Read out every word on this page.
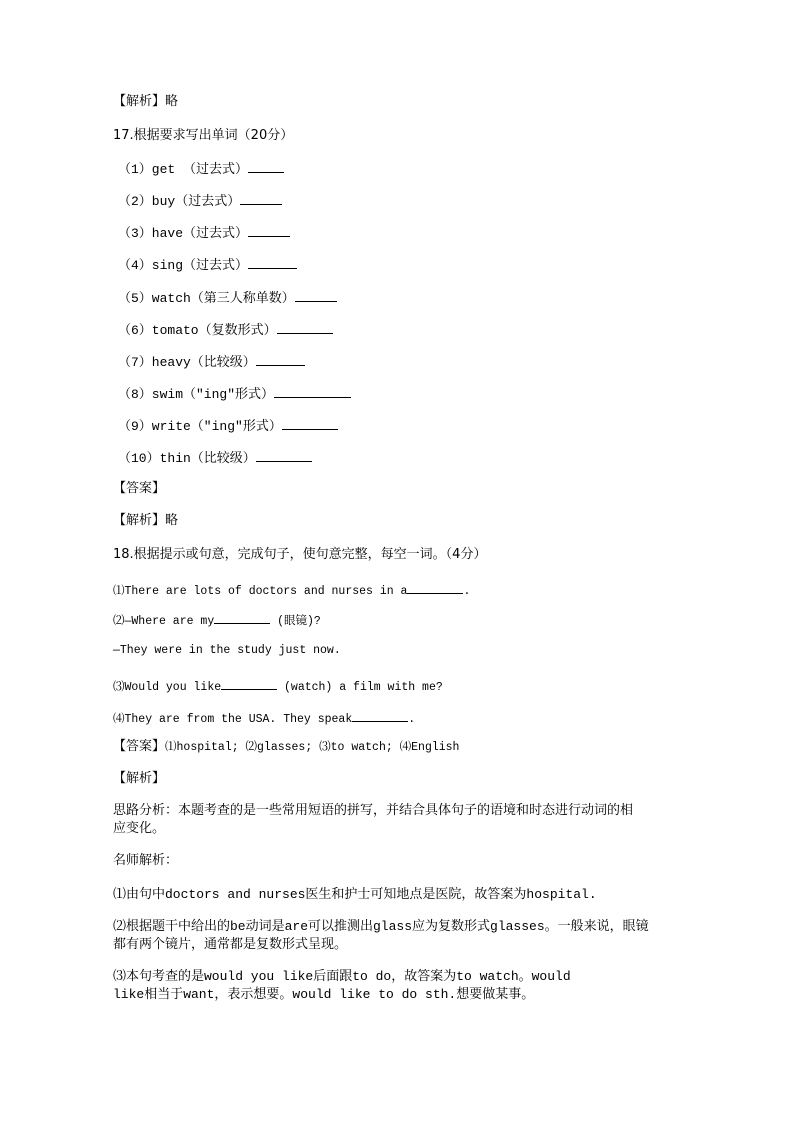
【解析】略
17.根据要求写出单词（20分）
（1）get （过去式）
（2）buy（过去式）
（3）have（过去式）
（4）sing（过去式）
（5）watch（第三人称单数）
（6）tomato（复数形式）
（7）heavy（比较级）
（8）swim（"ing"形式）
（9）write（"ing"形式）
（10）thin（比较级）
【答案】
【解析】略
18.根据提示或句意，完成句子，使句意完整，每空一词。（4分）
⑴There are lots of doctors and nurses in a	.
⑵—Where are my	(眼镜)?
—They were in the study just now.
⑶Would you like	(watch) a film with me?
⑷They are from the USA. They speak	.
【答案】⑴hospital; ⑵glasses; ⑶to watch; ⑷English
【解析】
思路分析：本题考查的是一些常用短语的拼写，并结合具体句子的语境和时态进行动词的相
应变化。
名师解析：
⑴由句中doctors and nurses医生和护士可知地点是医院，故答案为hospital.
⑵根据题干中给出的be动词是are可以推测出glass应为复数形式glasses。一般来说，眼镜
都有两个镜片，通常都是复数形式呈现。
⑶本句考查的是would you like后面跟to do，故答案为to watch。would
like相当于want，表示想要。would like to do sth.想要做某事。
